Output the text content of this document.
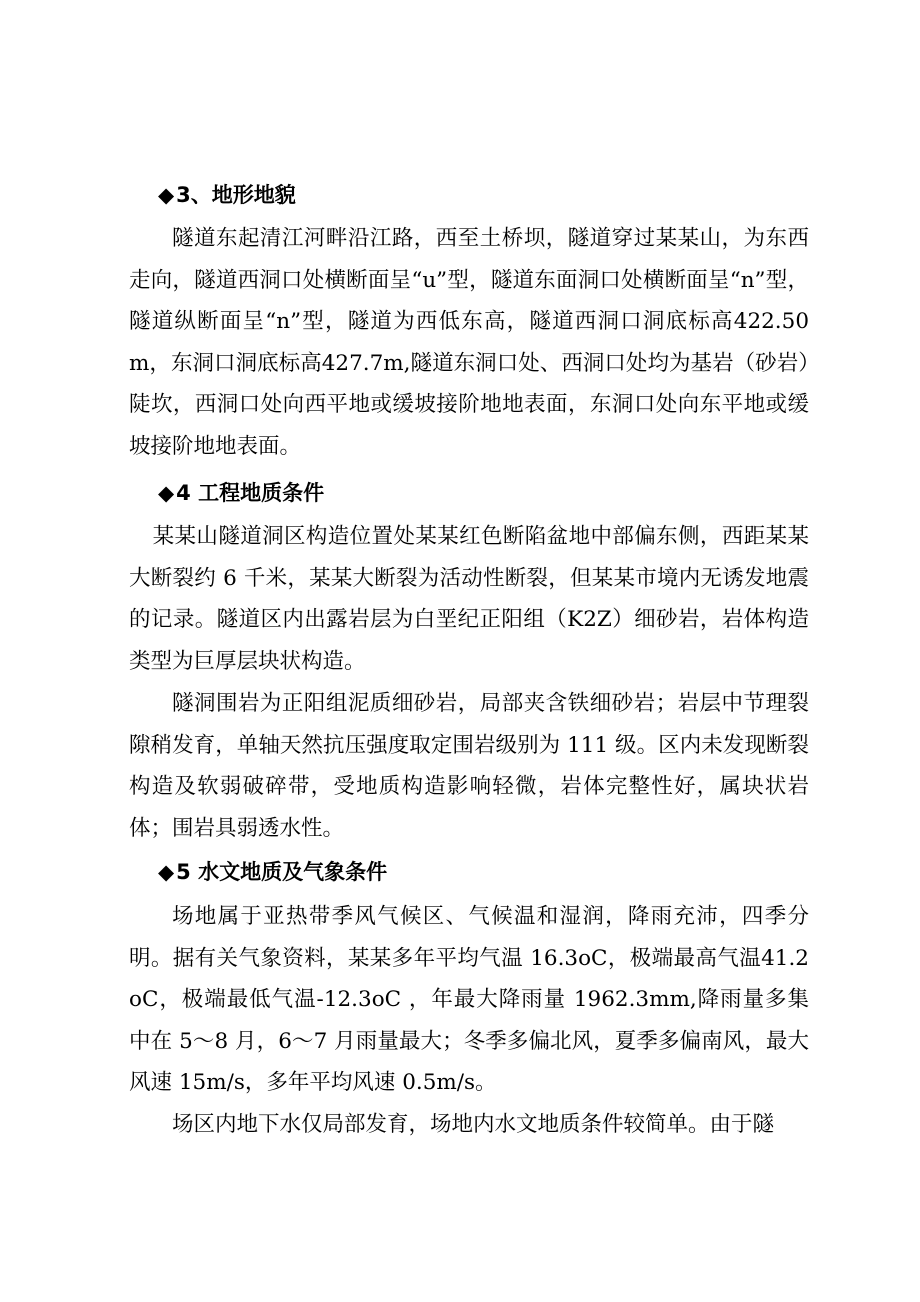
◆3、地形地貌
隧道东起清江河畔沿江路，西至土桥坝，隧道穿过某某山，为东西走向，隧道西洞口处横断面呈“u”型，隧道东面洞口处横断面呈“n”型，隧道纵断面呈“n”型，隧道为西低东高，隧道西洞口洞底标高422.50m，东洞口洞底标高427.7m,隧道东洞口处、西洞口处均为基岩（砂岩）陡坎，西洞口处向西平地或缓坡接阶地地表面，东洞口处向东平地或缓坡接阶地地表面。
◆4 工程地质条件
某某山隧道洞区构造位置处某某红色断陷盆地中部偏东侧，西距某某大断裂约 6 千米，某某大断裂为活动性断裂，但某某市境内无诱发地震的记录。隧道区内出露岩层为白垩纪正阳组（K2Z）细砂岩，岩体构造类型为巨厚层块状构造。
隧洞围岩为正阳组泥质细砂岩，局部夹含铁细砂岩；岩层中节理裂隙稍发育，单轴天然抗压强度取定围岩级别为 111 级。区内未发现断裂构造及软弱破碎带，受地质构造影响轻微，岩体完整性好，属块状岩体；围岩具弱透水性。
◆5 水文地质及气象条件
场地属于亚热带季风气候区、气候温和湿润，降雨充沛，四季分明。据有关气象资料，某某多年平均气温 16.3oC，极端最高气温41.2oC，极端最低气温-12.3oC ，年最大降雨量 1962.3mm,降雨量多集中在 5～8 月，6～7 月雨量最大；冬季多偏北风，夏季多偏南风，最大风速 15m/s，多年平均风速 0.5m/s。
场区内地下水仅局部发育，场地内水文地质条件较简单。由于隧
